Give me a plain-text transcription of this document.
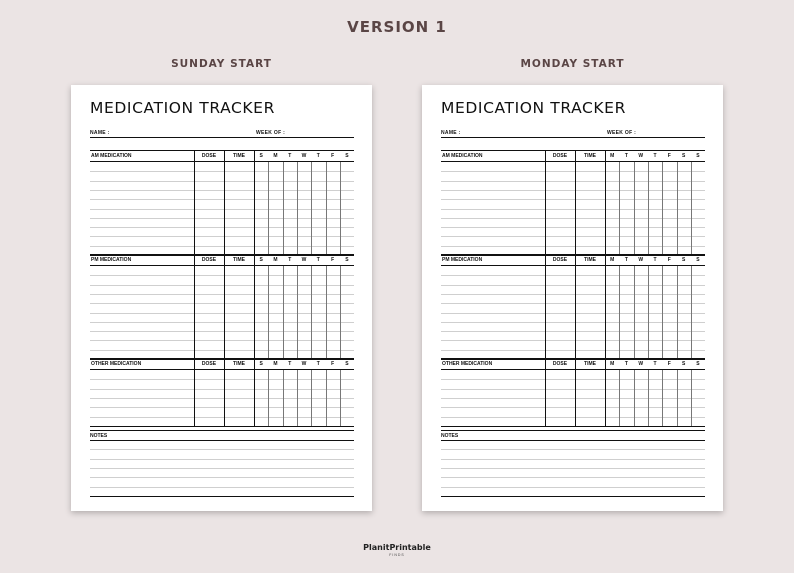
VERSION 1
SUNDAY START	MONDAY START
MEDICATION TRACKER
NAME :	WEEK OF :
AM MEDICATION	DOSE	TIME	S	M	T	W	T	F	S
PM MEDICATION	DOSE	TIME	S	M	T	W	T	F	S
OTHER MEDICATION	DOSE	TIME	S	M	T	W	T	F	S
NOTES
MEDICATION TRACKER
NAME :	WEEK OF :
AM MEDICATION	DOSE	TIME	M	T	W	T	F	S	S
PM MEDICATION	DOSE	TIME	M	T	W	T	F	S	S
OTHER MEDICATION	DOSE	TIME	M	T	W	T	F	S	S
NOTES
PlanitPrintable
FINDS
